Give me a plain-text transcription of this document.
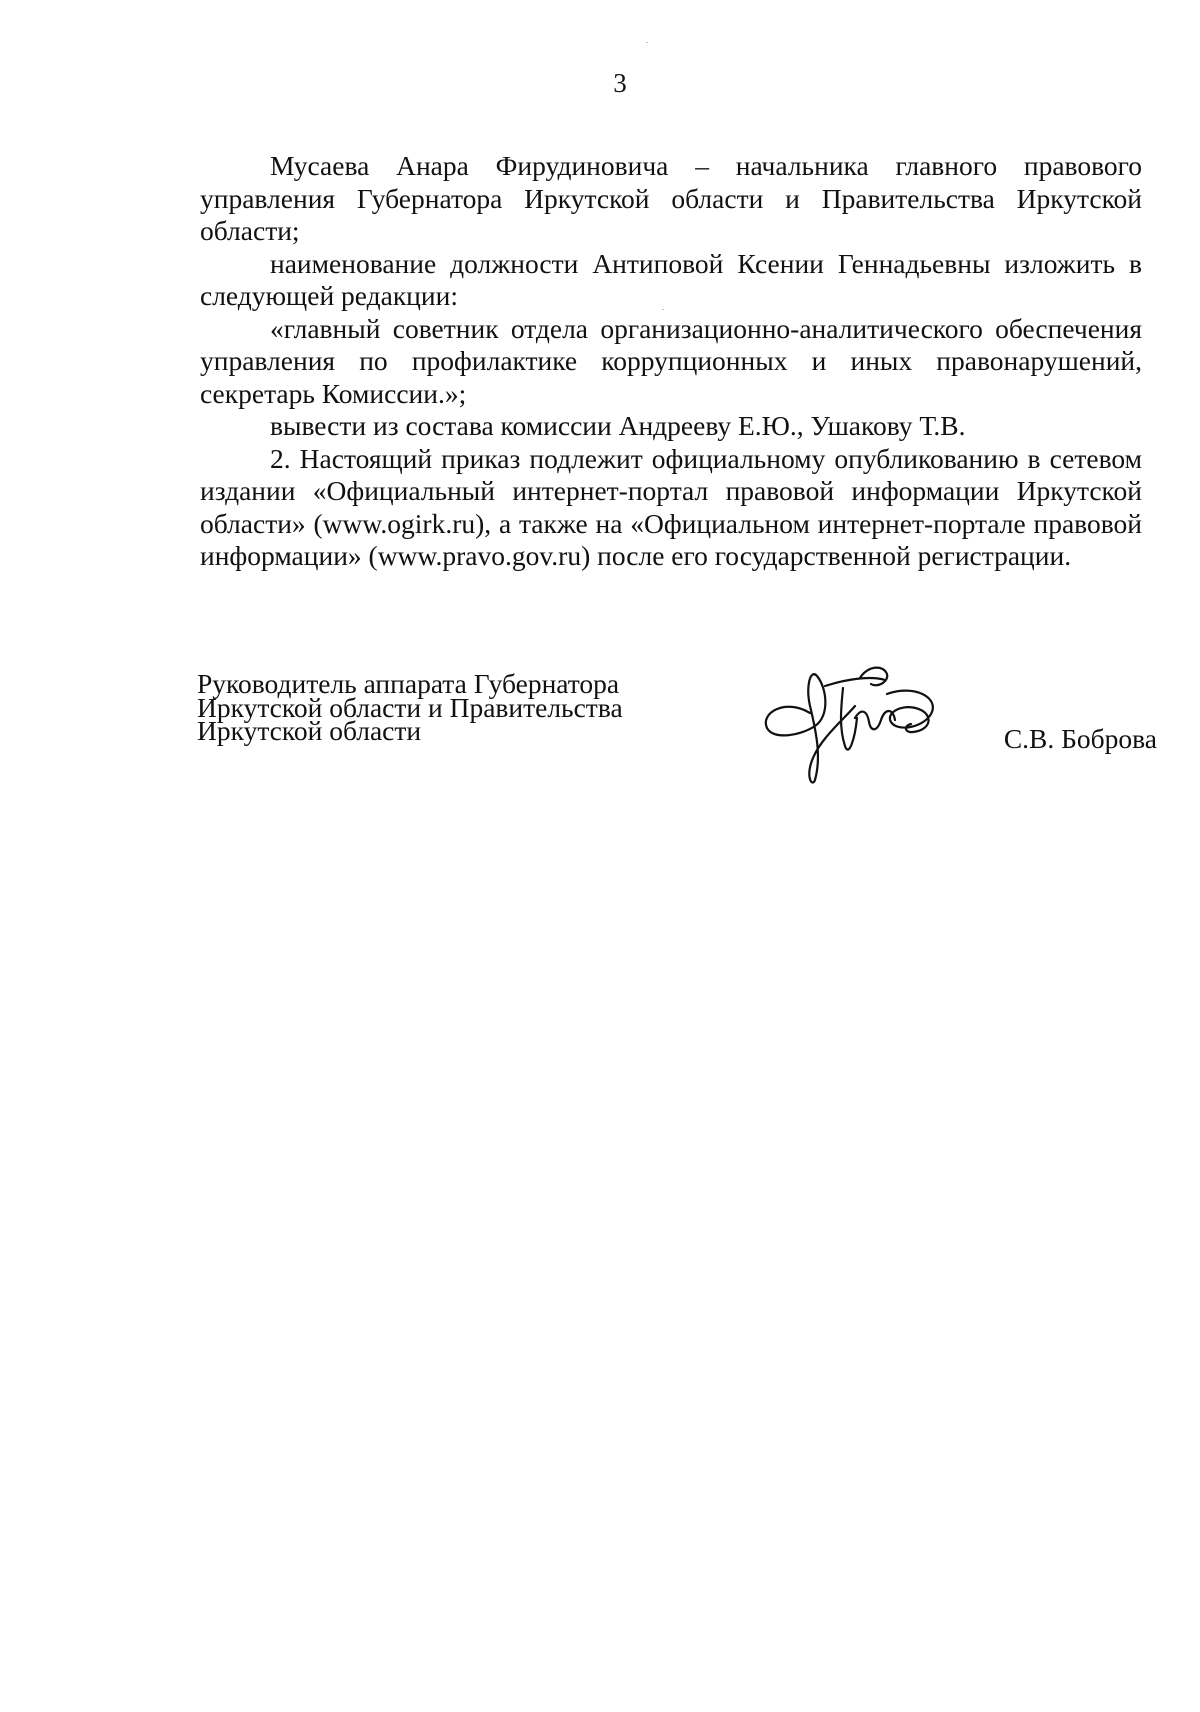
3

Мусаева Анара Фирудиновича – начальника главного правового управления Губернатора Иркутской области и Правительства Иркутской области;

наименование должности Антиповой Ксении Геннадьевны изложить в следующей редакции:

«главный советник отдела организационно-аналитического обеспечения управления по профилактике коррупционных и иных правонарушений, секретарь Комиссии.»;

вывести из состава комиссии Андрееву Е.Ю., Ушакову Т.В.

2. Настоящий приказ подлежит официальному опубликованию в сетевом издании «Официальный интернет-портал правовой информации Иркутской области» (www.ogirk.ru), а также на «Официальном интернет-портале правовой информации» (www.pravo.gov.ru) после его государственной регистрации.

Руководитель аппарата Губернатора
Иркутской области и Правительства
Иркутской области	С.В. Боброва
